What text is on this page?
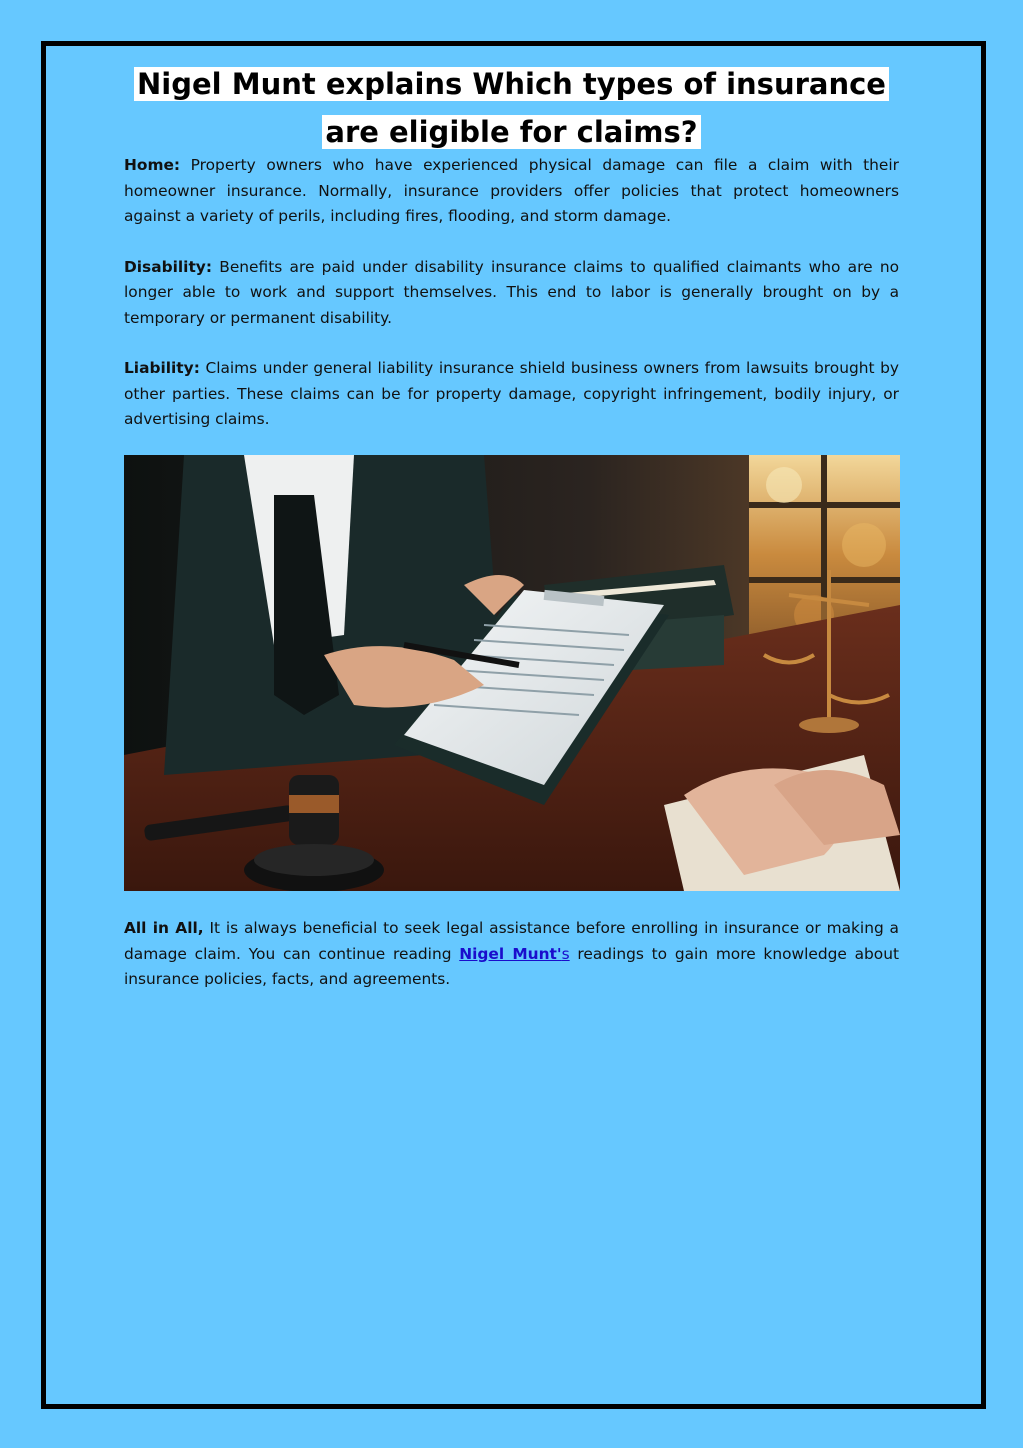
Nigel Munt explains Which types of insurance
are eligible for claims?

Home: Property owners who have experienced physical damage can file a claim with their homeowner insurance. Normally, insurance providers offer policies that protect homeowners against a variety of perils, including fires, flooding, and storm damage.

Disability: Benefits are paid under disability insurance claims to qualified claimants who are no longer able to work and support themselves. This end to labor is generally brought on by a temporary or permanent disability.

Liability: Claims under general liability insurance shield business owners from lawsuits brought by other parties. These claims can be for property damage, copyright infringement, bodily injury, or advertising claims.

All in All, It is always beneficial to seek legal assistance before enrolling in insurance or making a damage claim. You can continue reading Nigel Munt's readings to gain more knowledge about insurance policies, facts, and agreements.
